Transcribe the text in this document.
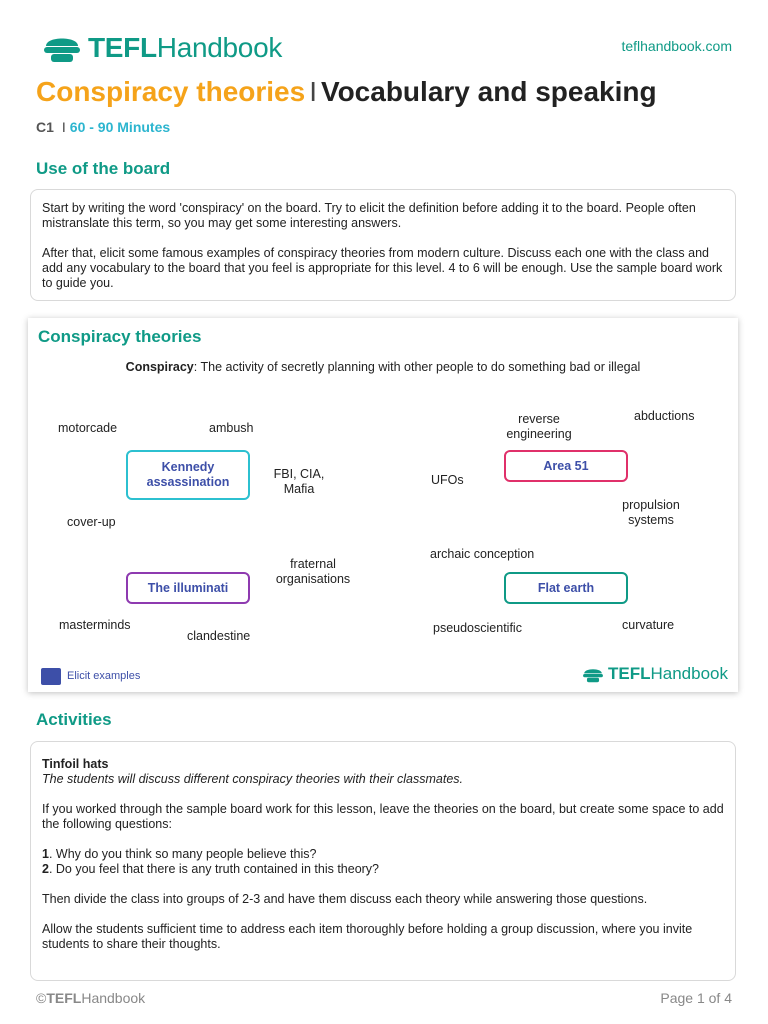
TEFLHandbook	teflhandbook.com
Conspiracy theories I Vocabulary and speaking
C1 I 60 - 90 Minutes
Use of the board

Start by writing the word 'conspiracy' on the board. Try to elicit the definition before adding it to the board. People often mistranslate this term, so you may get some interesting answers.

After that, elicit some famous examples of conspiracy theories from modern culture. Discuss each one with the class and add any vocabulary to the board that you feel is appropriate for this level. 4 to 6 will be enough. Use the sample board work to guide you.

Conspiracy theories
Conspiracy: The activity of secretly planning with other people to do something bad or illegal
Kennedy assassination
The illuminati
Area 51
Flat earth
motorcade	ambush
FBI, CIA, Mafia
cover-up
fraternal organisations
masterminds
clandestine
reverse engineering
abductions
UFOs
propulsion systems
archaic conception
pseudoscientific	curvature
Elicit examples	TEFLHandbook
Activities

Tinfoil hats

The students will discuss different conspiracy theories with their classmates.

If you worked through the sample board work for this lesson, leave the theories on the board, but create some space to add the following questions:

1. Why do you think so many people believe this?

2. Do you feel that there is any truth contained in this theory?

Then divide the class into groups of 2-3 and have them discuss each theory while answering those questions.

Allow the students sufficient time to address each item thoroughly before holding a group discussion, where you invite students to share their thoughts.

©TEFLHandbook	Page 1 of 4
